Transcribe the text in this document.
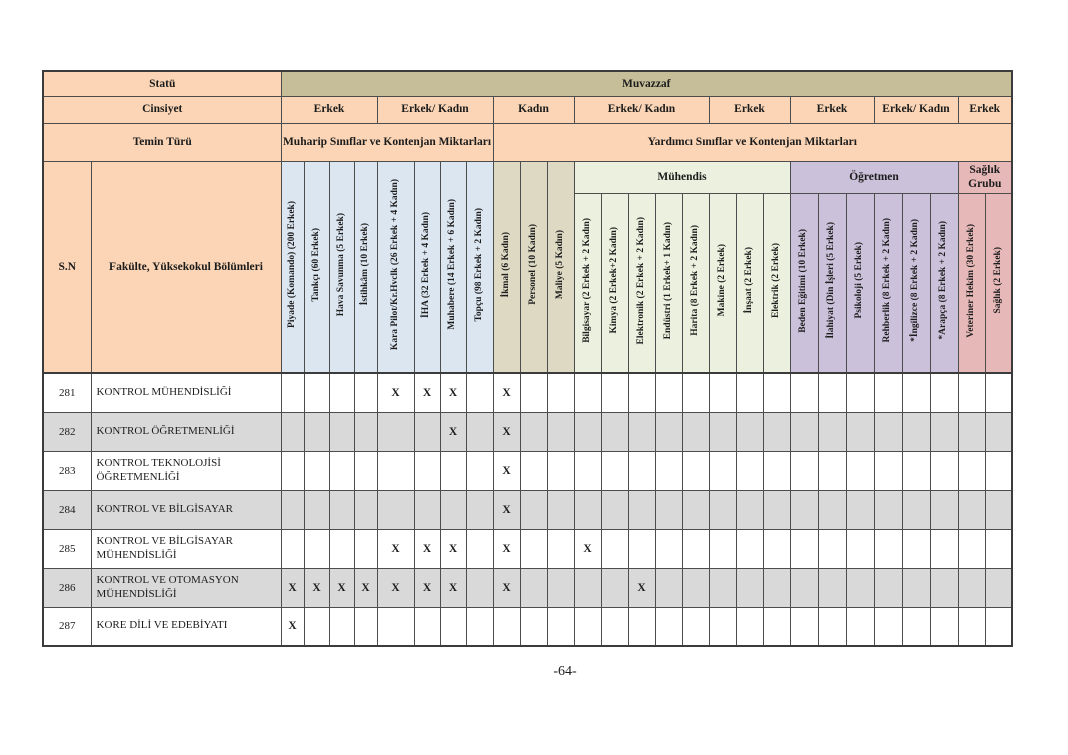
Statü		Muvazzaf																										
Cinsiyet		Erkek				Erkek/ Kadın				Kadın			Erkek/ Kadın					Erkek			Erkek			Erkek/ Kadın			Erkek	
Temin Türü		Muharip Sınıflar ve Kontenjan Miktarları								Yardımcı Sınıflar ve Kontenjan Miktarları																		
S.N	Fakülte, Yüksekokul Bölümleri	Piyade (Komando) (200 Erkek)	Tankçı (60 Erkek)	Hava Savunma (5 Erkek)	İstihkâm (10 Erkek)	Kara Pilot/Kr.Hvclk (26 Erkek + 4 Kadın)	İHA (32 Erkek + 4 Kadın)	Muhabere (14 Erkek + 6 Kadın)	Topçu (98 Erkek + 2 Kadın)	İkmal (6 Kadın)	Personel (10 Kadın)	Maliye (5 Kadın)	Mühendis								Öğretmen						Sağlık Grubu	
													Bilgisayar (2 Erkek + 2 Kadın)	Kimya (2 Erkek+2 Kadın)	Elektronik (2 Erkek + 2 Kadın)	Endüstri (1 Erkek+ 1 Kadın)	Harita (8 Erkek + 2 Kadın)	Makine (2 Erkek)	İnşaat (2 Erkek)	Elektrik (2 Erkek)	Beden Eğitimi (10 Erkek)	İlahiyat (Din İşleri (5 Erkek)	Psikoloji (5 Erkek)	Rehberlik (8 Erkek + 2 Kadın)	*İngilizce (8 Erkek + 2 Kadın)	*Arapça (8 Erkek + 2 Kadın)	Veteriner Hekim (30 Erkek)	Sağlık (2 Erkek)
281	KONTROL MÜHENDİSLİĞİ					X	X	X		X																		
282	KONTROL ÖĞRETMENLİĞİ							X		X																		
283	KONTROL TEKNOLOJİSİ ÖĞRETMENLİĞİ									X																		
284	KONTROL VE BİLGİSAYAR									X																		
285	KONTROL VE BİLGİSAYAR MÜHENDİSLİĞİ					X	X	X		X			X															
286	KONTROL VE OTOMASYON MÜHENDİSLİĞİ	X	X	X	X	X	X	X		X					X													
287	KORE DİLİ VE EDEBİYATI	X																										
-64-
